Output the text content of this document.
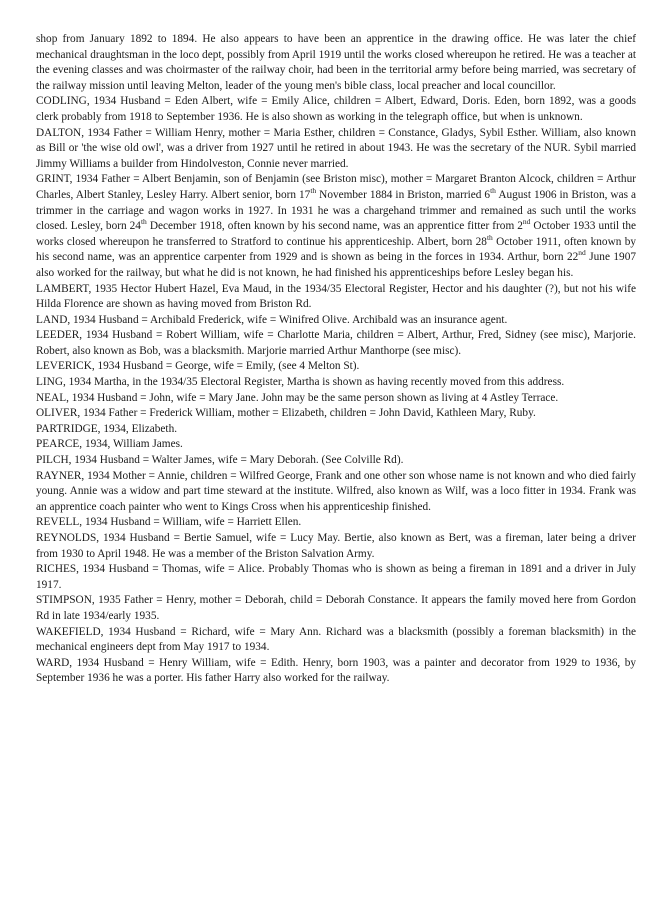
shop from January 1892 to 1894. He also appears to have been an apprentice in the drawing office. He was later the chief mechanical draughtsman in the loco dept, possibly from April 1919 until the works closed whereupon he retired. He was a teacher at the evening classes and was choirmaster of the railway choir, had been in the territorial army before being married, was secretary of the railway mission until leaving Melton, leader of the young men's bible class, local preacher and local councillor.

CODLING, 1934 Husband = Eden Albert, wife = Emily Alice, children = Albert, Edward, Doris. Eden, born 1892, was a goods clerk probably from 1918 to September 1936. He is also shown as working in the telegraph office, but when is unknown.

DALTON, 1934 Father = William Henry, mother = Maria Esther, children = Constance, Gladys, Sybil Esther. William, also known as Bill or 'the wise old owl', was a driver from 1927 until he retired in about 1943. He was the secretary of the NUR. Sybil married Jimmy Williams a builder from Hindolveston, Connie never married.

GRINT, 1934 Father = Albert Benjamin, son of Benjamin (see Briston misc), mother = Margaret Branton Alcock, children = Arthur Charles, Albert Stanley, Lesley Harry. Albert senior, born 17th November 1884 in Briston, married 6th August 1906 in Briston, was a trimmer in the carriage and wagon works in 1927. In 1931 he was a chargehand trimmer and remained as such until the works closed. Lesley, born 24th December 1918, often known by his second name, was an apprentice fitter from 2nd October 1933 until the works closed whereupon he transferred to Stratford to continue his apprenticeship. Albert, born 28th October 1911, often known by his second name, was an apprentice carpenter from 1929 and is shown as being in the forces in 1934. Arthur, born 22nd June 1907 also worked for the railway, but what he did is not known, he had finished his apprenticeships before Lesley began his.

LAMBERT, 1935 Hector Hubert Hazel, Eva Maud, in the 1934/35 Electoral Register, Hector and his daughter (?), but not his wife Hilda Florence are shown as having moved from Briston Rd.

LAND, 1934 Husband = Archibald Frederick, wife = Winifred Olive. Archibald was an insurance agent.

LEEDER, 1934 Husband = Robert William, wife = Charlotte Maria, children = Albert, Arthur, Fred, Sidney (see misc), Marjorie. Robert, also known as Bob, was a blacksmith. Marjorie married Arthur Manthorpe (see misc).

LEVERICK, 1934 Husband = George, wife = Emily, (see 4 Melton St).

LING, 1934 Martha, in the 1934/35 Electoral Register, Martha is shown as having recently moved from this address.

NEAL, 1934 Husband = John, wife = Mary Jane. John may be the same person shown as living at 4 Astley Terrace.

OLIVER, 1934 Father = Frederick William, mother = Elizabeth, children = John David, Kathleen Mary, Ruby.

PARTRIDGE, 1934, Elizabeth.

PEARCE, 1934, William James.

PILCH, 1934 Husband = Walter James, wife = Mary Deborah. (See Colville Rd).

RAYNER, 1934 Mother = Annie, children = Wilfred George, Frank and one other son whose name is not known and who died fairly young. Annie was a widow and part time steward at the institute. Wilfred, also known as Wilf, was a loco fitter in 1934. Frank was an apprentice coach painter who went to Kings Cross when his apprenticeship finished.

REVELL, 1934 Husband = William, wife = Harriett Ellen.

REYNOLDS, 1934 Husband = Bertie Samuel, wife = Lucy May. Bertie, also known as Bert, was a fireman, later being a driver from 1930 to April 1948. He was a member of the Briston Salvation Army.

RICHES, 1934 Husband = Thomas, wife = Alice. Probably Thomas who is shown as being a fireman in 1891 and a driver in July 1917.

STIMPSON, 1935 Father = Henry, mother = Deborah, child = Deborah Constance. It appears the family moved here from Gordon Rd in late 1934/early 1935.

WAKEFIELD, 1934 Husband = Richard, wife = Mary Ann. Richard was a blacksmith (possibly a foreman blacksmith) in the mechanical engineers dept from May 1917 to 1934.

WARD, 1934 Husband = Henry William, wife = Edith. Henry, born 1903, was a painter and decorator from 1929 to 1936, by September 1936 he was a porter. His father Harry also worked for the railway.
